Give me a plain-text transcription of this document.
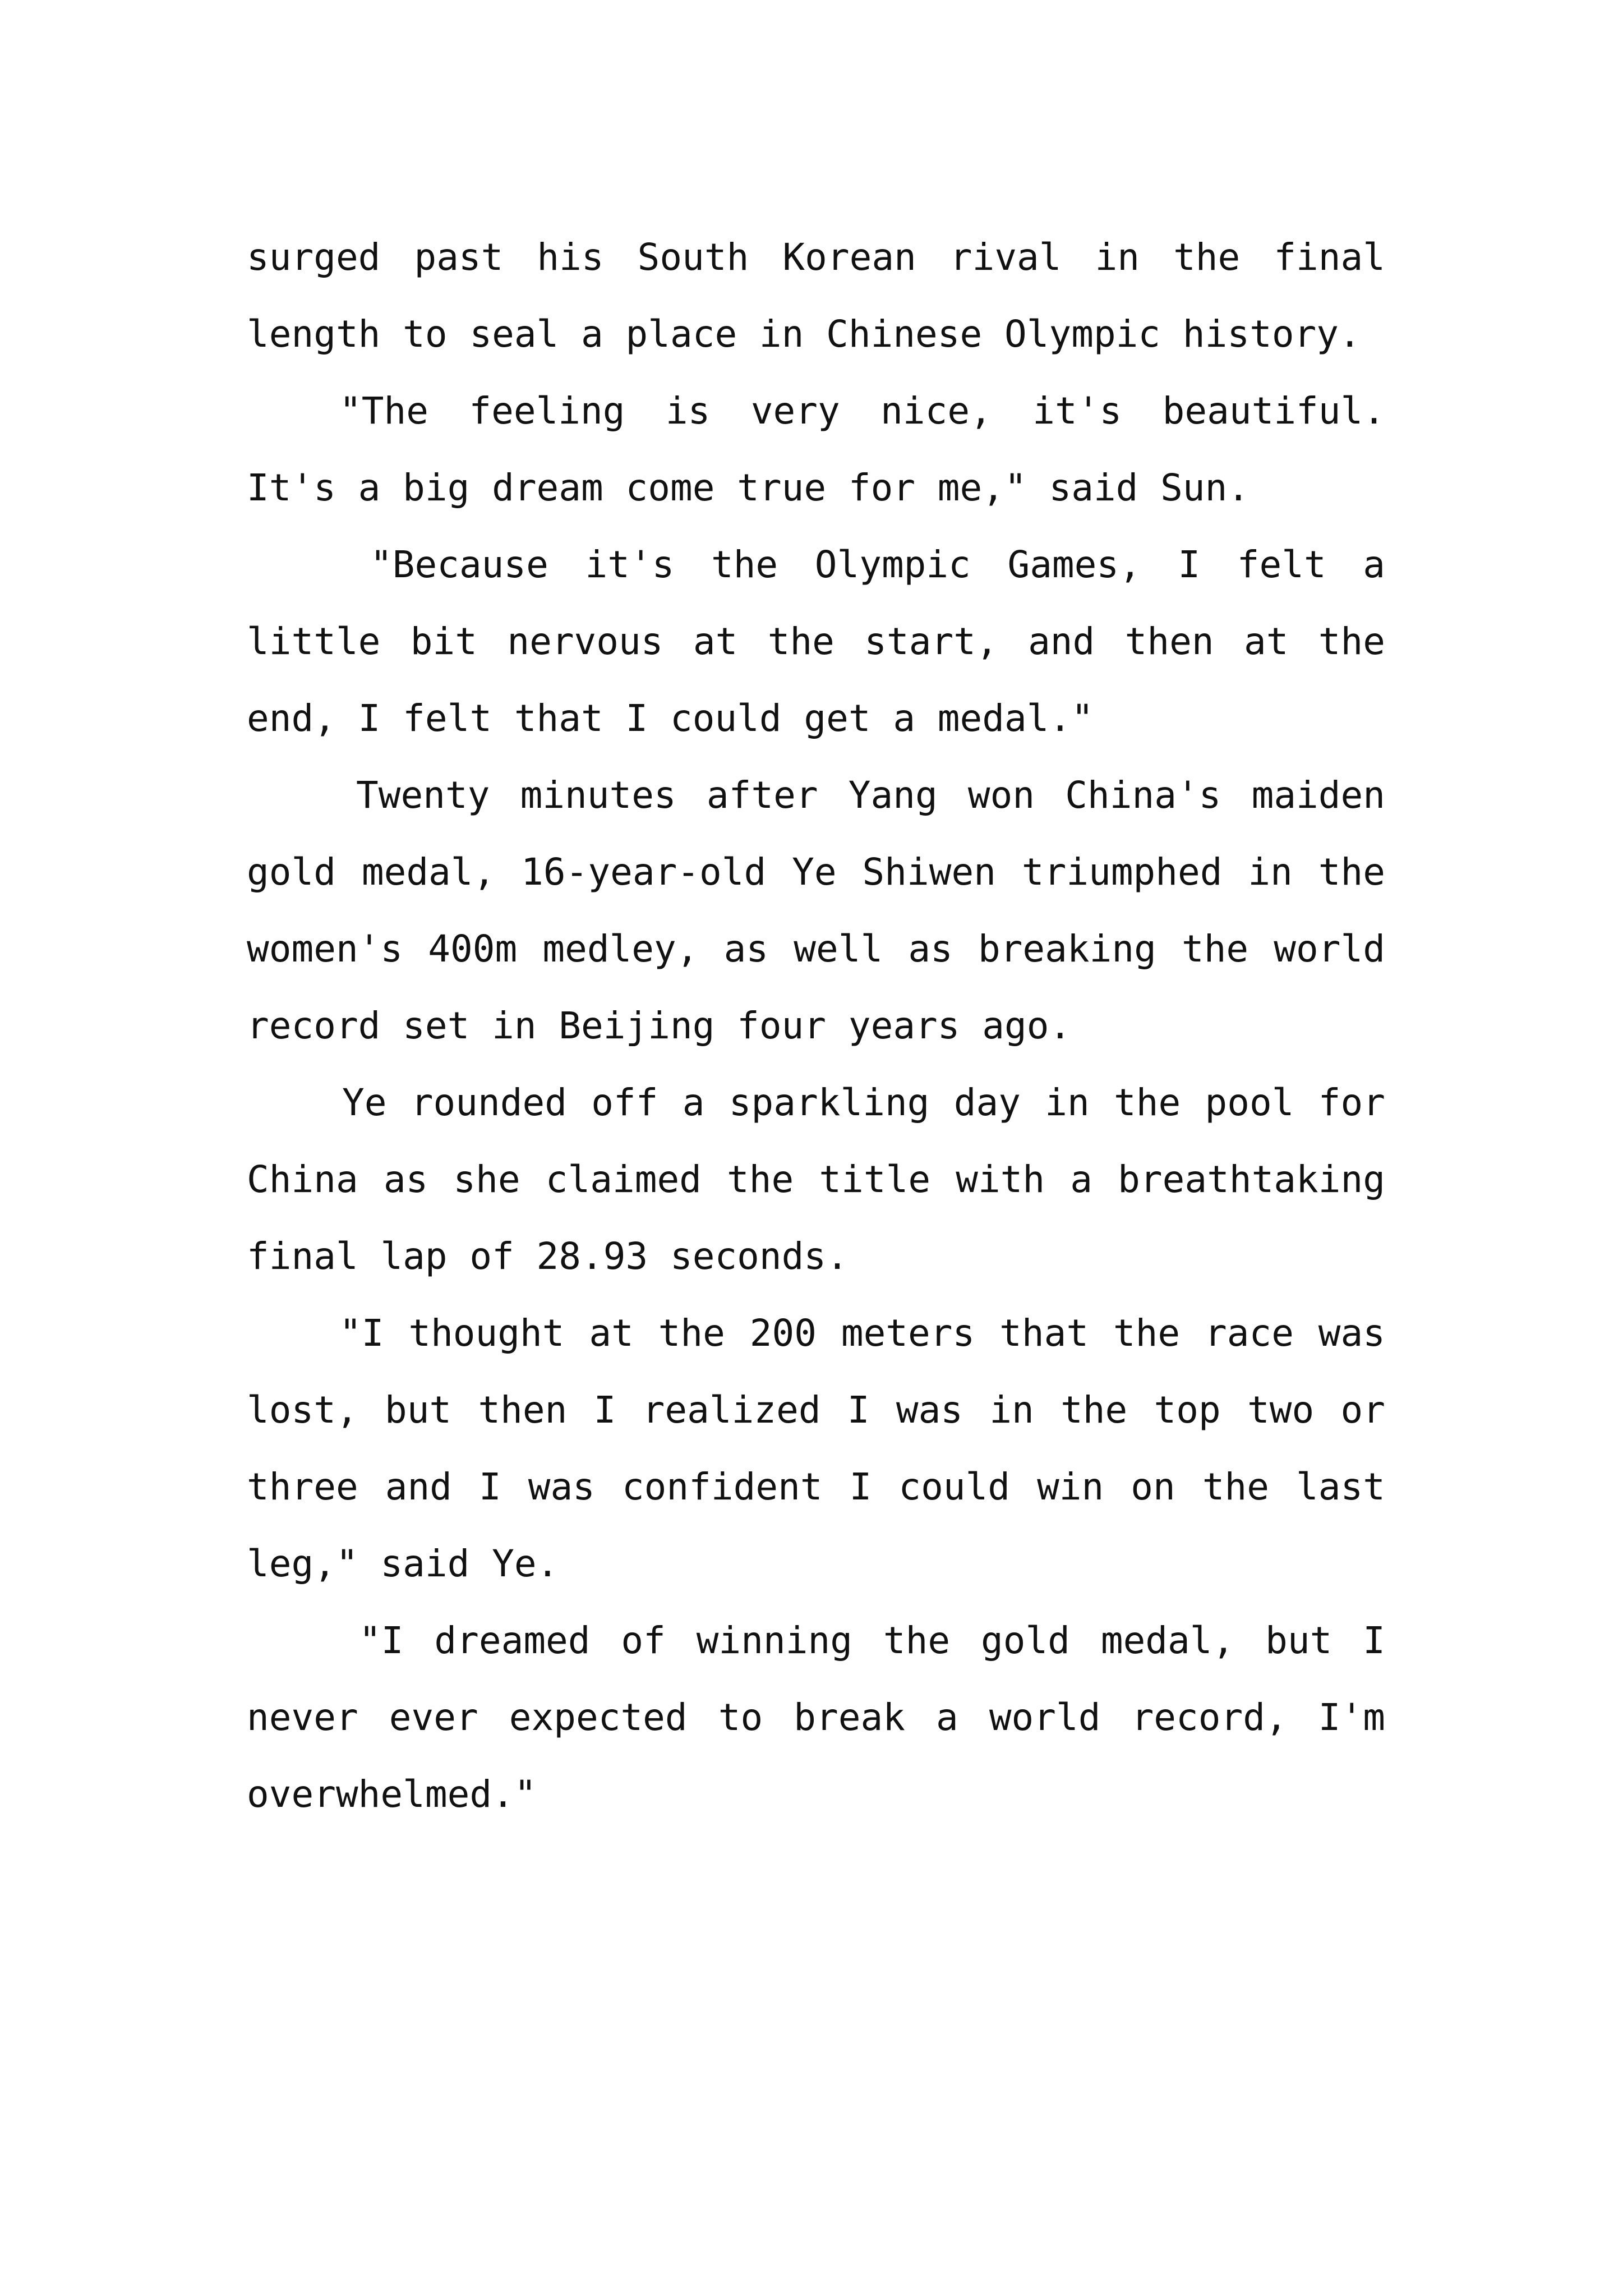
surged past his South Korean rival in the final length to seal a place in Chinese Olympic history.

"The feeling is very nice, it's beautiful. It's a big dream come true for me," said Sun.

"Because it's the Olympic Games, I felt a little bit nervous at the start, and then at the end, I felt that I could get a medal."

Twenty minutes after Yang won China's maiden gold medal, 16-year-old Ye Shiwen triumphed in the women's 400m medley, as well as breaking the world record set in Beijing four years ago.

Ye rounded off a sparkling day in the pool for China as she claimed the title with a breathtaking final lap of 28.93 seconds.

"I thought at the 200 meters that the race was lost, but then I realized I was in the top two or three and I was confident I could win on the last leg," said Ye.

"I dreamed of winning the gold medal, but I never ever expected to break a world record, I'm overwhelmed."
